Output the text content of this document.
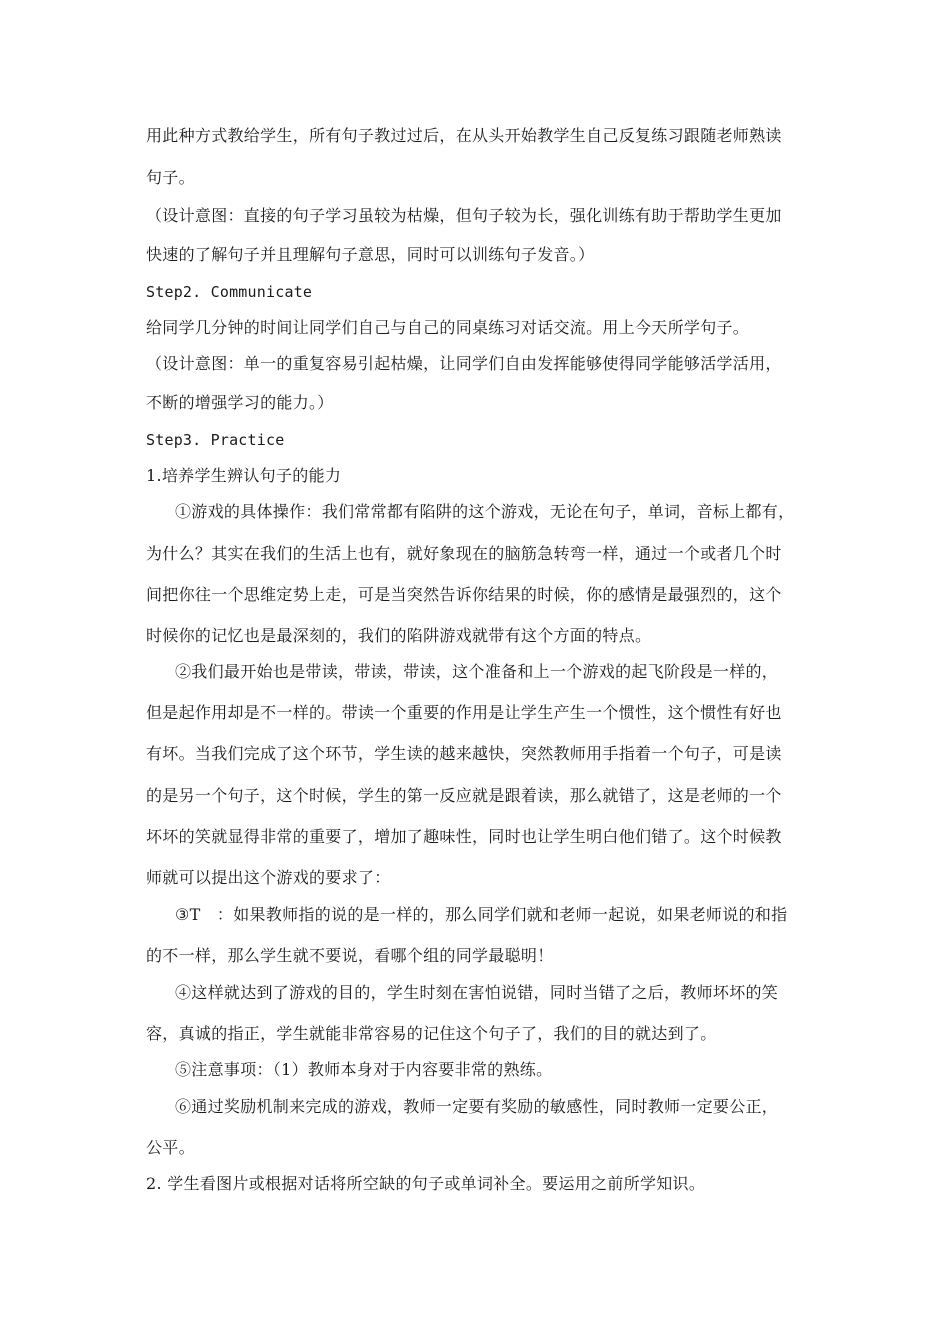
用此种方式教给学生，所有句子教过过后，在从头开始教学生自己反复练习跟随老师熟读
句子。
（设计意图：直接的句子学习虽较为枯燥，但句子较为长，强化训练有助于帮助学生更加
快速的了解句子并且理解句子意思，同时可以训练句子发音。）
Step2. Communicate
给同学几分钟的时间让同学们自己与自己的同桌练习对话交流。用上今天所学句子。
（设计意图：单一的重复容易引起枯燥，让同学们自由发挥能够使得同学能够活学活用，
不断的增强学习的能力。）
Step3. Practice
1.培养学生辨认句子的能力
①游戏的具体操作：我们常常都有陷阱的这个游戏，无论在句子，单词，音标上都有，
为什么？其实在我们的生活上也有，就好象现在的脑筋急转弯一样，通过一个或者几个时
间把你往一个思维定势上走，可是当突然告诉你结果的时候，你的感情是最强烈的，这个
时候你的记忆也是最深刻的，我们的陷阱游戏就带有这个方面的特点。
②我们最开始也是带读，带读，带读，这个准备和上一个游戏的起飞阶段是一样的，
但是起作用却是不一样的。带读一个重要的作用是让学生产生一个惯性，这个惯性有好也
有坏。当我们完成了这个环节，学生读的越来越快，突然教师用手指着一个句子，可是读
的是另一个句子，这个时候，学生的第一反应就是跟着读，那么就错了，这是老师的一个
坏坏的笑就显得非常的重要了，增加了趣味性，同时也让学生明白他们错了。这个时候教
师就可以提出这个游戏的要求了：
③T　：如果教师指的说的是一样的，那么同学们就和老师一起说，如果老师说的和指
的不一样，那么学生就不要说，看哪个组的同学最聪明！
④这样就达到了游戏的目的，学生时刻在害怕说错，同时当错了之后，教师坏坏的笑
容，真诚的指正，学生就能非常容易的记住这个句子了，我们的目的就达到了。
⑤注意事项：（1）教师本身对于内容要非常的熟练。
⑥通过奖励机制来完成的游戏，教师一定要有奖励的敏感性，同时教师一定要公正，
公平。
2. 学生看图片或根据对话将所空缺的句子或单词补全。要运用之前所学知识。
